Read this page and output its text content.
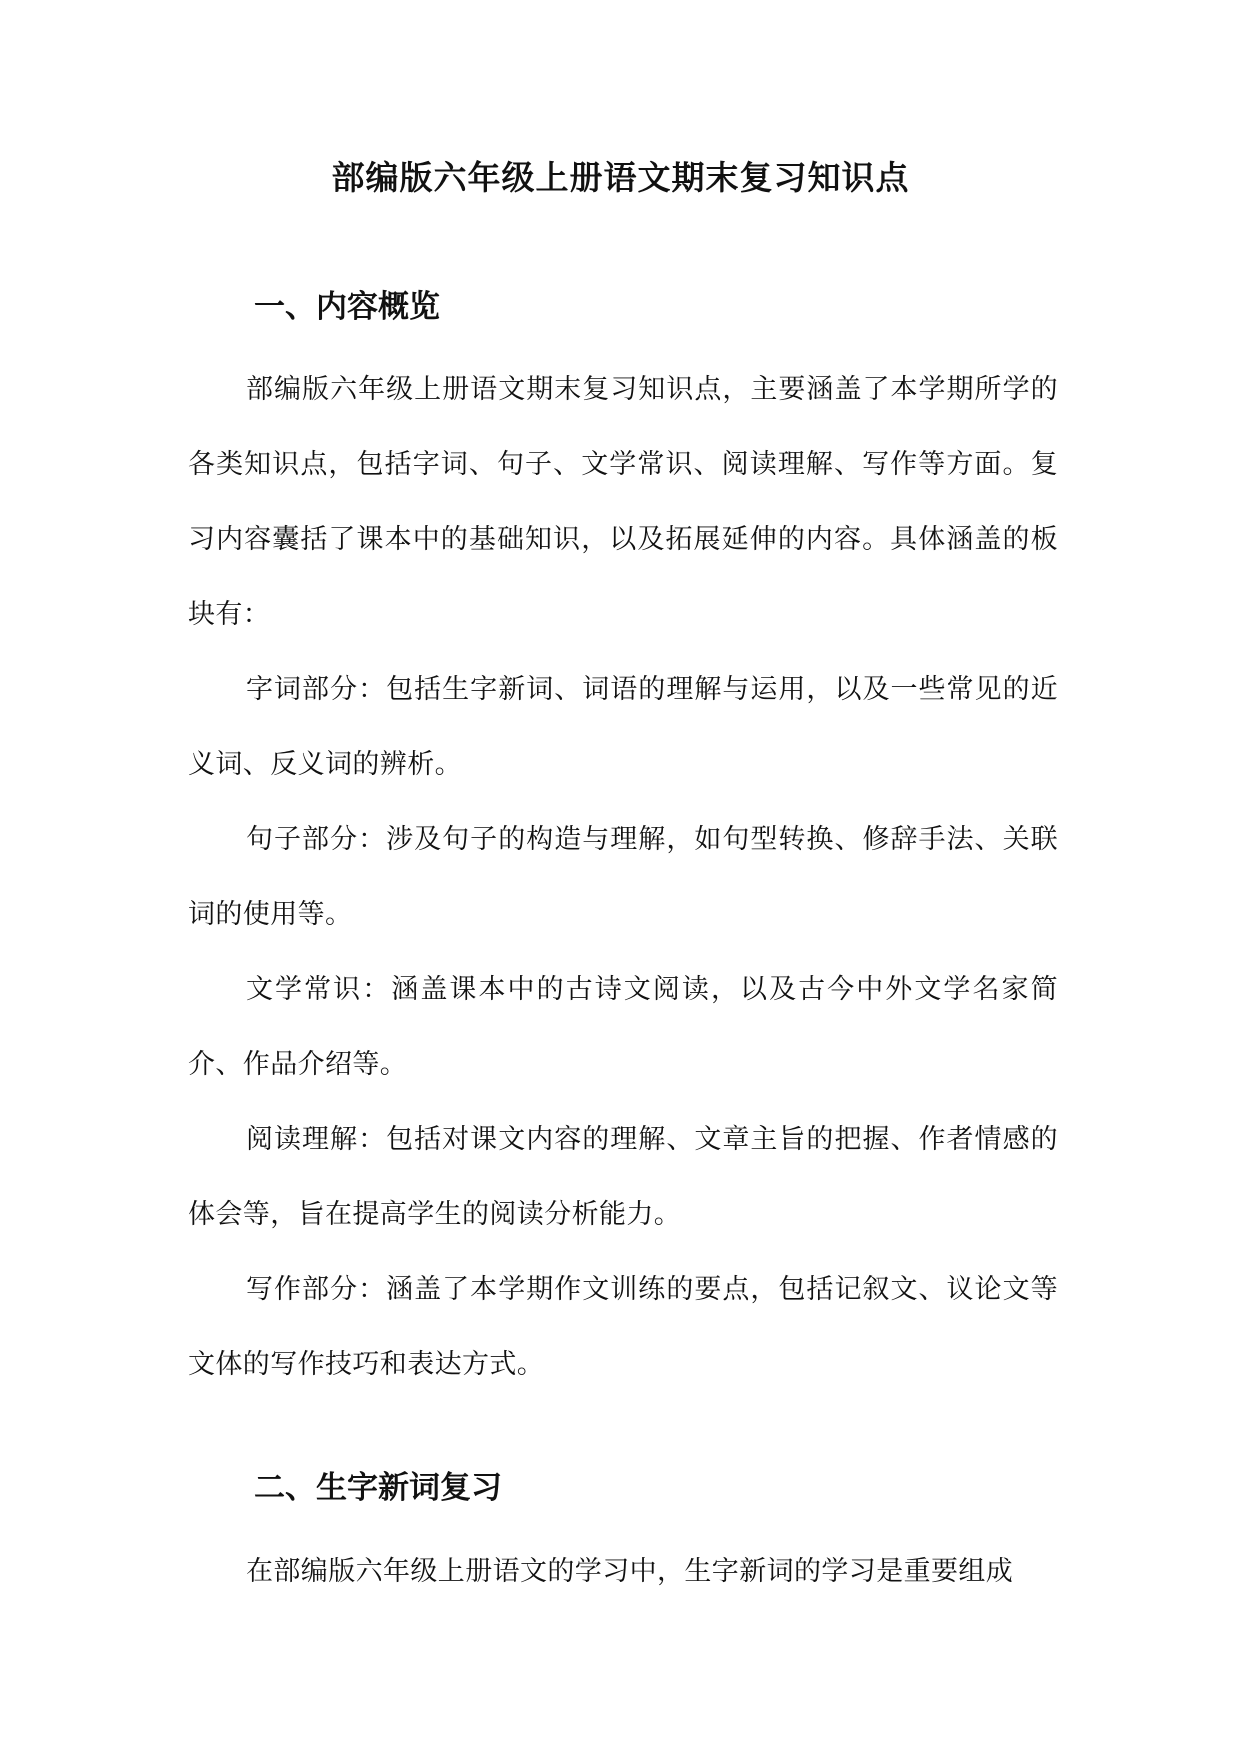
部编版六年级上册语文期末复习知识点
一、内容概览

部编版六年级上册语文期末复习知识点，主要涵盖了本学期所学的各类知识点，包括字词、句子、文学常识、阅读理解、写作等方面。复习内容囊括了课本中的基础知识，以及拓展延伸的内容。具体涵盖的板块有：

字词部分：包括生字新词、词语的理解与运用，以及一些常见的近义词、反义词的辨析。

句子部分：涉及句子的构造与理解，如句型转换、修辞手法、关联词的使用等。

文学常识：涵盖课本中的古诗文阅读，以及古今中外文学名家简介、作品介绍等。

阅读理解：包括对课文内容的理解、文章主旨的把握、作者情感的体会等，旨在提高学生的阅读分析能力。

写作部分：涵盖了本学期作文训练的要点，包括记叙文、议论文等文体的写作技巧和表达方式。

二、生字新词复习

在部编版六年级上册语文的学习中，生字新词的学习是重要组成
